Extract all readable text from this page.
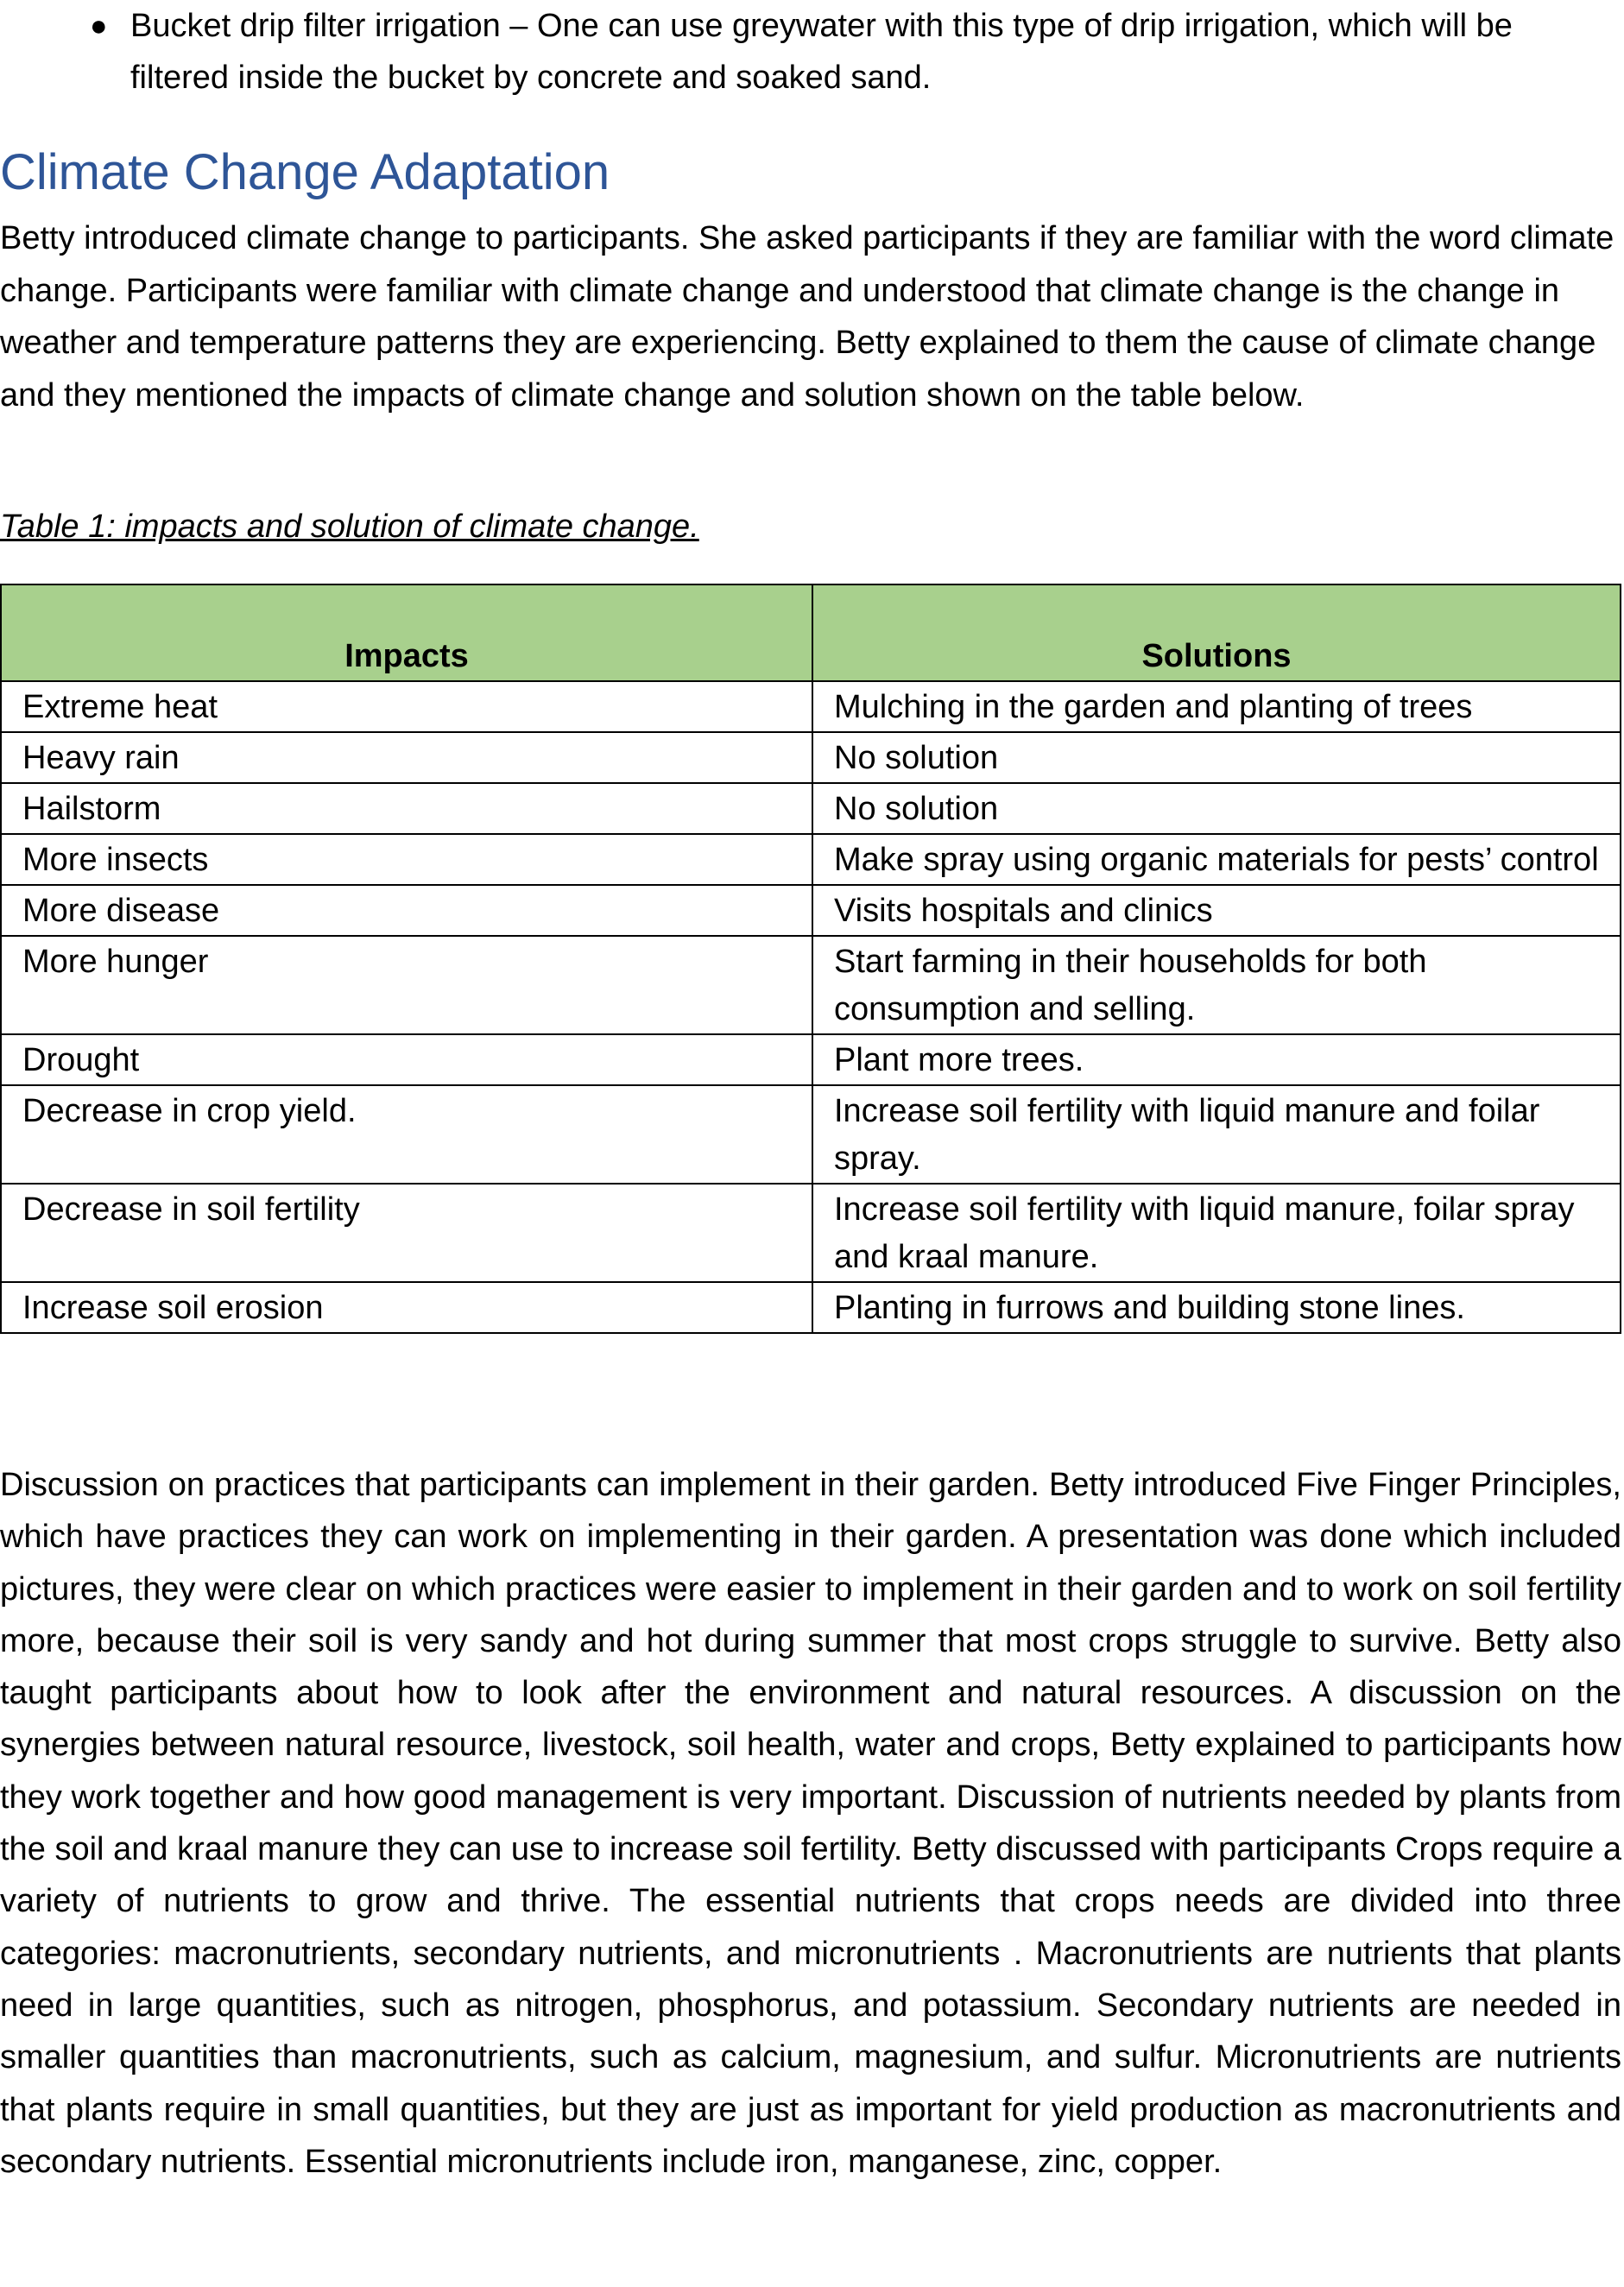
● Bucket drip filter irrigation – One can use greywater with this type of drip irrigation, which will be filtered inside the bucket by concrete and soaked sand.
Climate Change Adaptation

Betty introduced climate change to participants. She asked participants if they are familiar with the word climate change. Participants were familiar with climate change and understood that climate change is the change in weather and temperature patterns they are experiencing. Betty explained to them the cause of climate change and they mentioned the impacts of climate change and solution shown on the table below.

Table 1: impacts and solution of climate change.

Impacts	Solutions
Extreme heat	Mulching in the garden and planting of trees
Heavy rain	No solution
Hailstorm	No solution
More insects	Make spray using organic materials for pests’ control
More disease	Visits hospitals and clinics
More hunger	Start farming in their households for both consumption and selling.
Drought	Plant more trees.
Decrease in crop yield.	Increase soil fertility with liquid manure and foilar spray.
Decrease in soil fertility	Increase soil fertility with liquid manure, foilar spray and kraal manure.
Increase soil erosion	Planting in furrows and building stone lines.

Discussion on practices that participants can implement in their garden. Betty introduced Five Finger Principles, which have practices they can work on implementing in their garden. A presentation was done which included pictures, they were clear on which practices were easier to implement in their garden and to work on soil fertility more, because their soil is very sandy and hot during summer that most crops struggle to survive. Betty also taught participants about how to look after the environment and natural resources. A discussion on the synergies between natural resource, livestock, soil health, water and crops, Betty explained to participants how they work together and how good management is very important. Discussion of nutrients needed by plants from the soil and kraal manure they can use to increase soil fertility. Betty discussed with participants Crops require a variety of nutrients to grow and thrive. The essential nutrients that crops needs are divided into three categories: macronutrients, secondary nutrients, and micronutrients . Macronutrients are nutrients that plants need in large quantities, such as nitrogen, phosphorus, and potassium. Secondary nutrients are needed in smaller quantities than macronutrients, such as calcium, magnesium, and sulfur. Micronutrients are nutrients that plants require in small quantities, but they are just as important for yield production as macronutrients and secondary nutrients. Essential micronutrients include iron, manganese, zinc, copper.
